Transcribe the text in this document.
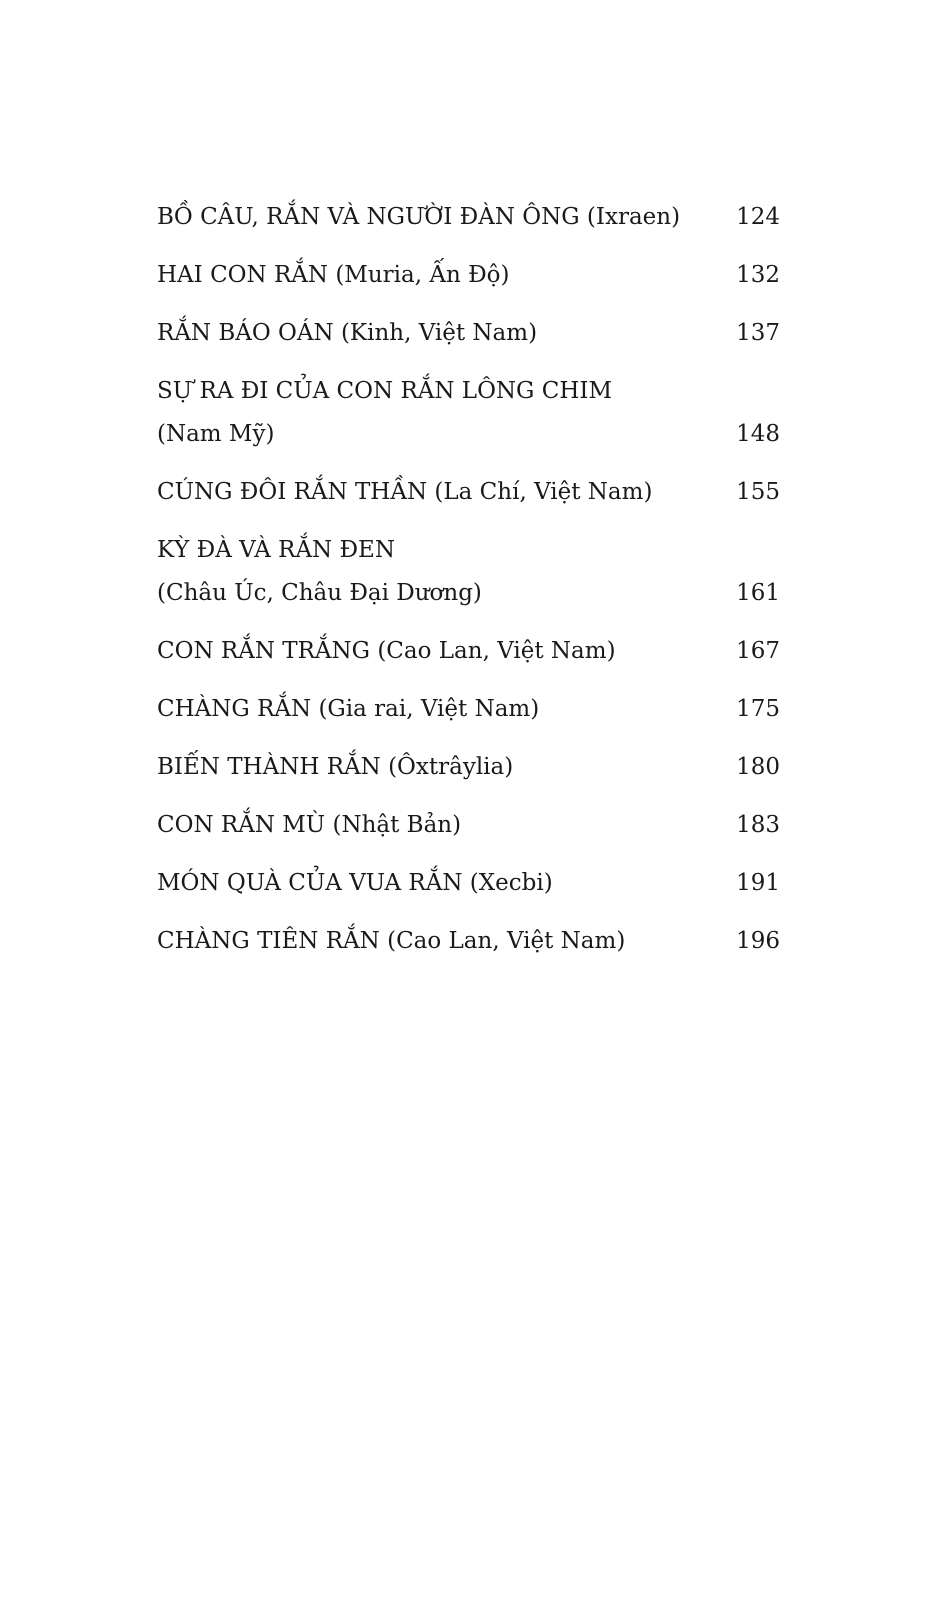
BỒ CÂU, RẮN VÀ NGƯỜI ĐÀN ÔNG (Ixraen)	124
HAI CON RẮN (Muria, Ấn Độ)	132
RẮN BÁO OÁN (Kinh, Việt Nam)	137
SỰ RA ĐI CỦA CON RẮN LÔNG CHIM
(Nam Mỹ)	148
CÚNG ĐÔI RẮN THẦN (La Chí, Việt Nam)	155
KỲ ĐÀ VÀ RẮN ĐEN
(Châu Úc, Châu Đại Dương)	161
CON RẮN TRẮNG (Cao Lan, Việt Nam)	167
CHÀNG RẮN (Gia rai, Việt Nam)	175
BIẾN THÀNH RẮN (Ôxtrâylia)	180
CON RẮN MÙ (Nhật Bản)	183
MÓN QUÀ CỦA VUA RẮN (Xecbi)	191
CHÀNG TIÊN RẮN (Cao Lan, Việt Nam)	196
